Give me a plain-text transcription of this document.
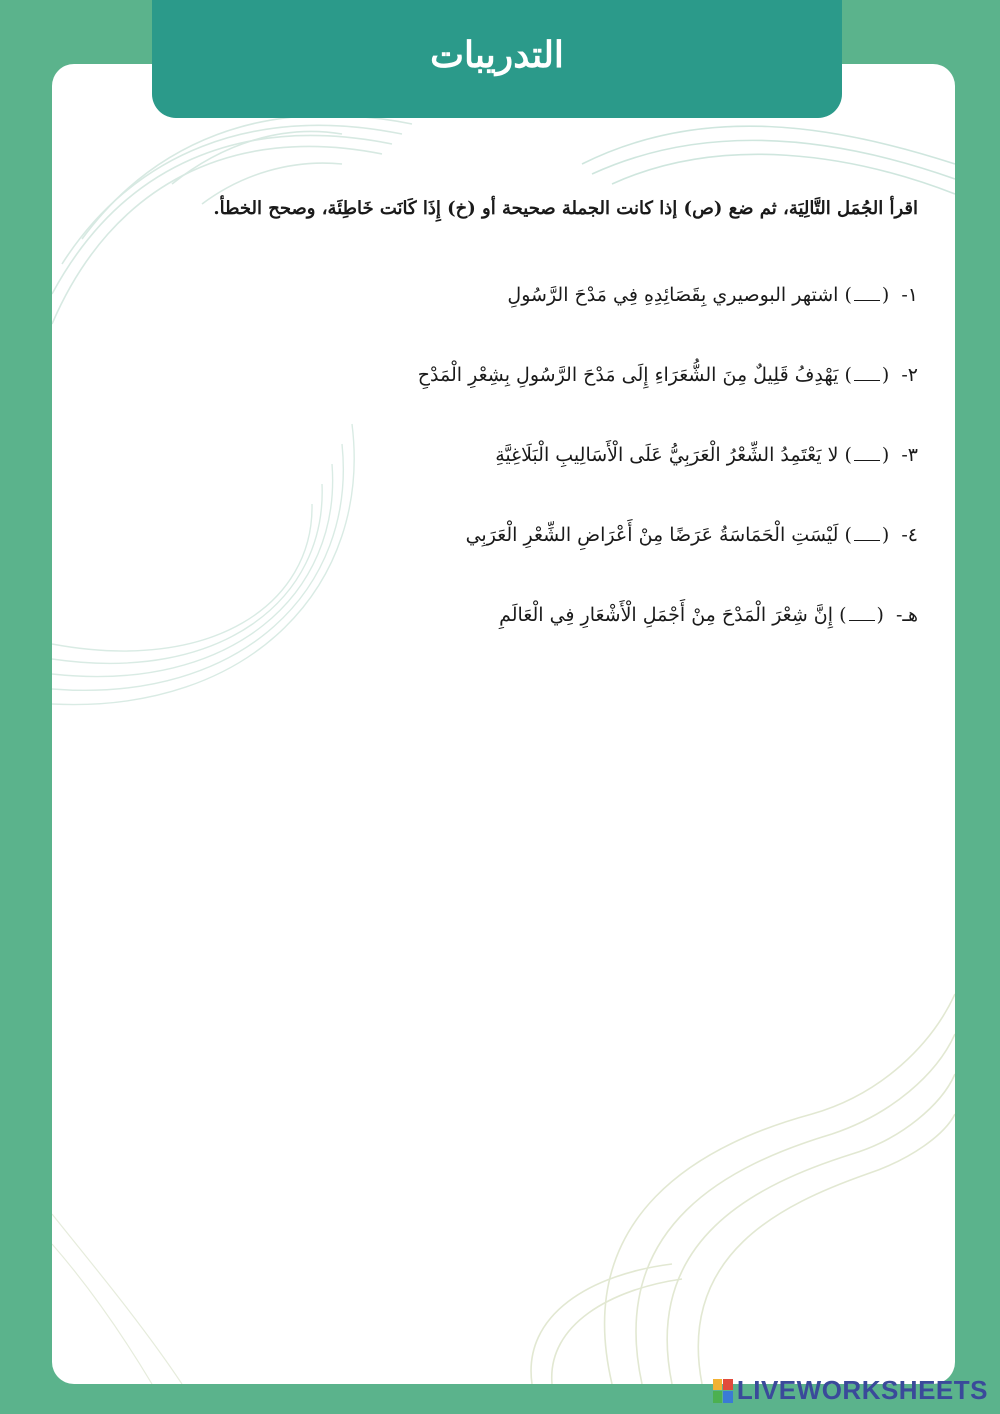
التدريبات

اقرأ الجُمَل التَّالِيَة، ثم ضع (ص) إذا كانت الجملة صحيحة أو (خ) إِذَا كَانَت خَاطِئَة، وصحح الخطأ.

١- () اشتهر البوصيري بِقَصَائِدِهِ فِي مَدْحَ الرَّسُولِ
٢- () يَهْدِفُ قَلِيلٌ مِنَ الشُّعَرَاءِ إِلَى مَدْحَ الرَّسُولِ بِشِعْرِ الْمَدْحِ
٣- () لا يَعْتَمِدُ الشِّعْرُ الْعَرَبِيُّ عَلَى الْأَسَالِيبِ الْبَلَاغِيَّةِ
٤- () لَيْسَتِ الْحَمَاسَةُ عَرَضًا مِنْ أَعْرَاضِ الشِّعْرِ الْعَرَبِي
هـ- () إِنَّ شِعْرَ الْمَدْحَ مِنْ أَجْمَلِ الْأَشْعَارِ فِي الْعَالَمِ
LIVEWORKSHEETS
